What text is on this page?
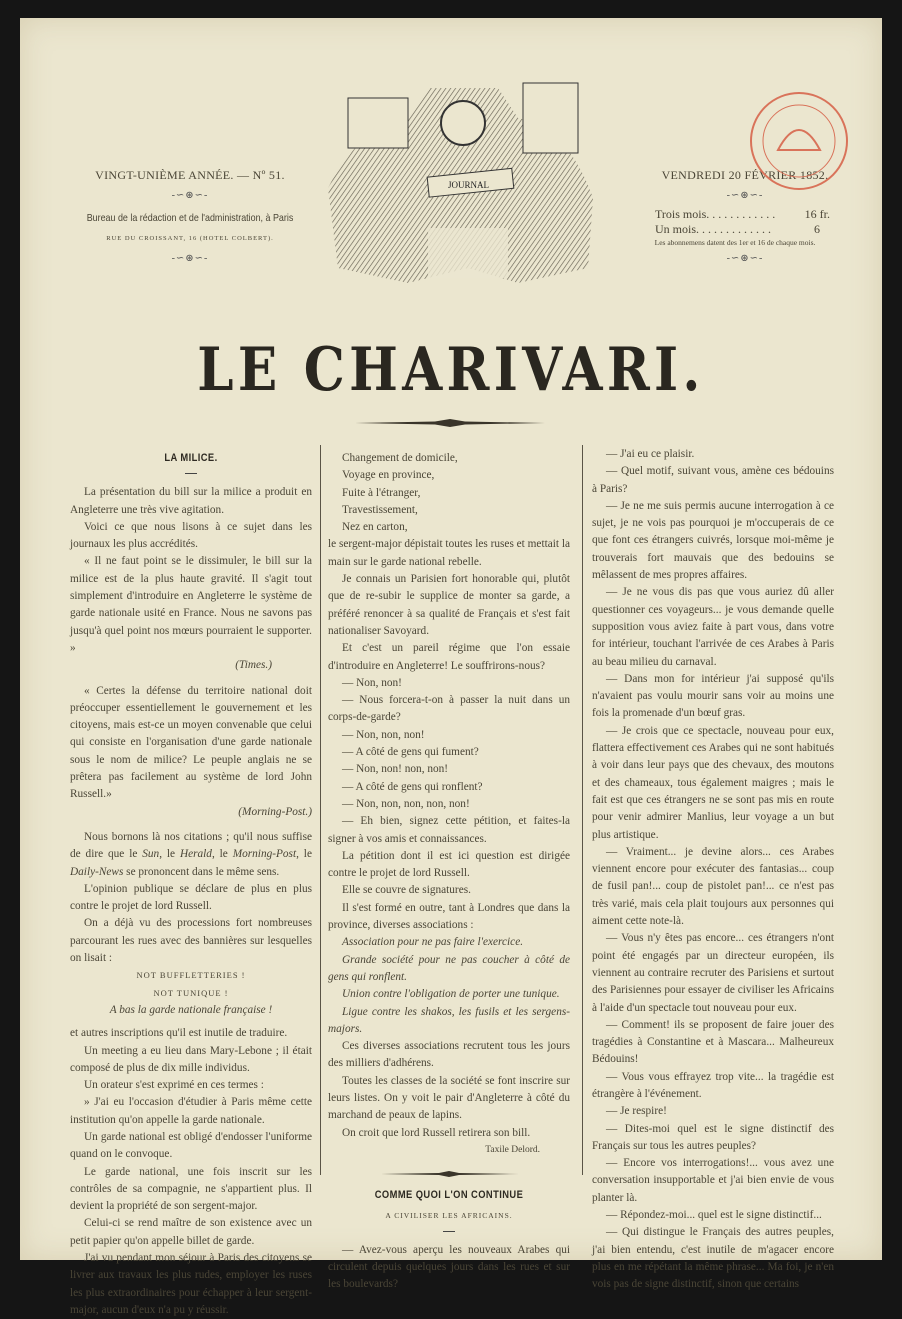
VINGT-UNIÈME ANNÉE. — Nº 51.
-∽⊛∽-
Bureau de la rédaction et de l'administration, à Paris
RUE DU CROISSANT, 16 (HOTEL COLBERT).
-∽⊛∽-
JOURNAL
VENDREDI 20 FÉVRIER 1852.
-∽⊛∽-
Trois mois. . . . . . . . . . . . 16 fr.
Un mois. . . . . . . . . . . . .	6
Les abonnemens datent des 1er et 16 de chaque mois.
-∽⊛∽-
LE CHARIVARI.

LA MILICE.

La présentation du bill sur la milice a produit en Angleterre une très vive agitation.

Voici ce que nous lisons à ce sujet dans les journaux les plus accrédités.

« Il ne faut point se le dissimuler, le bill sur la milice est de la plus haute gravité. Il s'agit tout simplement d'introduire en Angleterre le système de garde nationale usité en France. Nous ne savons pas jusqu'à quel point nos mœurs pourraient le supporter. »

(Times.)

« Certes la défense du territoire national doit préoccuper essentiellement le gouvernement et les citoyens, mais est-ce un moyen convenable que celui qui consiste en l'organisation d'une garde nationale sous le nom de milice? Le peuple anglais ne se prêtera pas facilement au système de lord John Russell.»

(Morning-Post.)

Nous bornons là nos citations ; qu'il nous suffise de dire que le Sun, le Herald, le Morning-Post, le Daily-News se prononcent dans le même sens.

L'opinion publique se déclare de plus en plus contre le projet de lord Russell.

On a déjà vu des processions fort nombreuses parcourant les rues avec des bannières sur lesquelles on lisait :

NOT BUFFLETTERIES !

NOT TUNIQUE !

A bas la garde nationale française !

et autres inscriptions qu'il est inutile de traduire.

Un meeting a eu lieu dans Mary-Lebone ; il était composé de plus de dix mille individus.

Un orateur s'est exprimé en ces termes :

» J'ai eu l'occasion d'étudier à Paris même cette institution qu'on appelle la garde nationale.

Un garde national est obligé d'endosser l'uniforme quand on le convoque.

Le garde national, une fois inscrit sur les contrôles de sa compagnie, ne s'appartient plus. Il devient la propriété de son sergent-major.

Celui-ci se rend maître de son existence avec un petit papier qu'on appelle billet de garde.

J'ai vu pendant mon séjour à Paris des citoyens se livrer aux travaux les plus rudes, employer les ruses les plus extraordinaires pour échapper à leur sergent-major, aucun d'eux n'a pu y réussir.

Changement de domicile,

Voyage en province,

Fuite à l'étranger,

Travestissement,

Nez en carton,

le sergent-major dépistait toutes les ruses et mettait la main sur le garde national rebelle.

Je connais un Parisien fort honorable qui, plutôt que de re-subir le supplice de monter sa garde, a préféré renoncer à sa qualité de Français et s'est fait nationaliser Savoyard.

Et c'est un pareil régime que l'on essaie d'introduire en Angleterre! Le souffrirons-nous?

— Non, non!

— Nous forcera-t-on à passer la nuit dans un corps-de-garde?

— Non, non, non!

— A côté de gens qui fument?

— Non, non! non, non!

— A côté de gens qui ronflent?

— Non, non, non, non, non!

— Eh bien, signez cette pétition, et faites-la signer à vos amis et connaissances.

La pétition dont il est ici question est dirigée contre le projet de lord Russell.

Elle se couvre de signatures.

Il s'est formé en outre, tant à Londres que dans la province, diverses associations :

Association pour ne pas faire l'exercice.

Grande société pour ne pas coucher à côté de gens qui ronflent.

Union contre l'obligation de porter une tunique.

Ligue contre les shakos, les fusils et les sergens-majors.

Ces diverses associations recrutent tous les jours des milliers d'adhérens.

Toutes les classes de la société se font inscrire sur leurs listes. On y voit le pair d'Angleterre à côté du marchand de peaux de lapins.

On croit que lord Russell retirera son bill.

Taxile Delord.

COMME QUOI L'ON CONTINUE

A CIVILISER LES AFRICAINS.

— Avez-vous aperçu les nouveaux Arabes qui circulent depuis quelques jours dans les rues et sur les boulevards?

— J'ai eu ce plaisir.

— Quel motif, suivant vous, amène ces bédouins à Paris?

— Je ne me suis permis aucune interrogation à ce sujet, je ne vois pas pourquoi je m'occuperais de ce que font ces étrangers cuivrés, lorsque moi-même je trouverais fort mauvais que des bedouins se mêlassent de mes propres affaires.

— Je ne vous dis pas que vous auriez dû aller questionner ces voyageurs... je vous demande quelle supposition vous aviez faite à part vous, dans votre for intérieur, touchant l'arrivée de ces Arabes à Paris au beau milieu du carnaval.

— Dans mon for intérieur j'ai supposé qu'ils n'avaient pas voulu mourir sans voir au moins une fois la promenade d'un bœuf gras.

— Je crois que ce spectacle, nouveau pour eux, flattera effectivement ces Arabes qui ne sont habitués à voir dans leur pays que des chevaux, des moutons et des chameaux, tous également maigres ; mais le fait est que ces étrangers ne se sont pas mis en route pour venir admirer Manlius, leur voyage a un but plus artistique.

— Vraiment... je devine alors... ces Arabes viennent encore pour exécuter des fantasias... coup de fusil pan!... coup de pistolet pan!... ce n'est pas très varié, mais cela plait toujours aux personnes qui aiment cette note-là.

— Vous n'y êtes pas encore... ces étrangers n'ont point été engagés par un directeur européen, ils viennent au contraire recruter des Parisiens et surtout des Parisiennes pour essayer de civiliser les Africains à l'aide d'un spectacle tout nouveau pour eux.

— Comment! ils se proposent de faire jouer des tragédies à Constantine et à Mascara... Malheureux Bédouins!

— Vous vous effrayez trop vite... la tragédie est étrangère à l'événement.

— Je respire!

— Dites-moi quel est le signe distinctif des Français sur tous les autres peuples?

— Encore vos interrogations!... vous avez une conversation insupportable et j'ai bien envie de vous planter là.

— Répondez-moi... quel est le signe distinctif...

— Qui distingue le Français des autres peuples, j'ai bien entendu, c'est inutile de m'agacer encore plus en me répétant la même phrase... Ma foi, je n'en vois pas de signe distinctif, sinon que certains
